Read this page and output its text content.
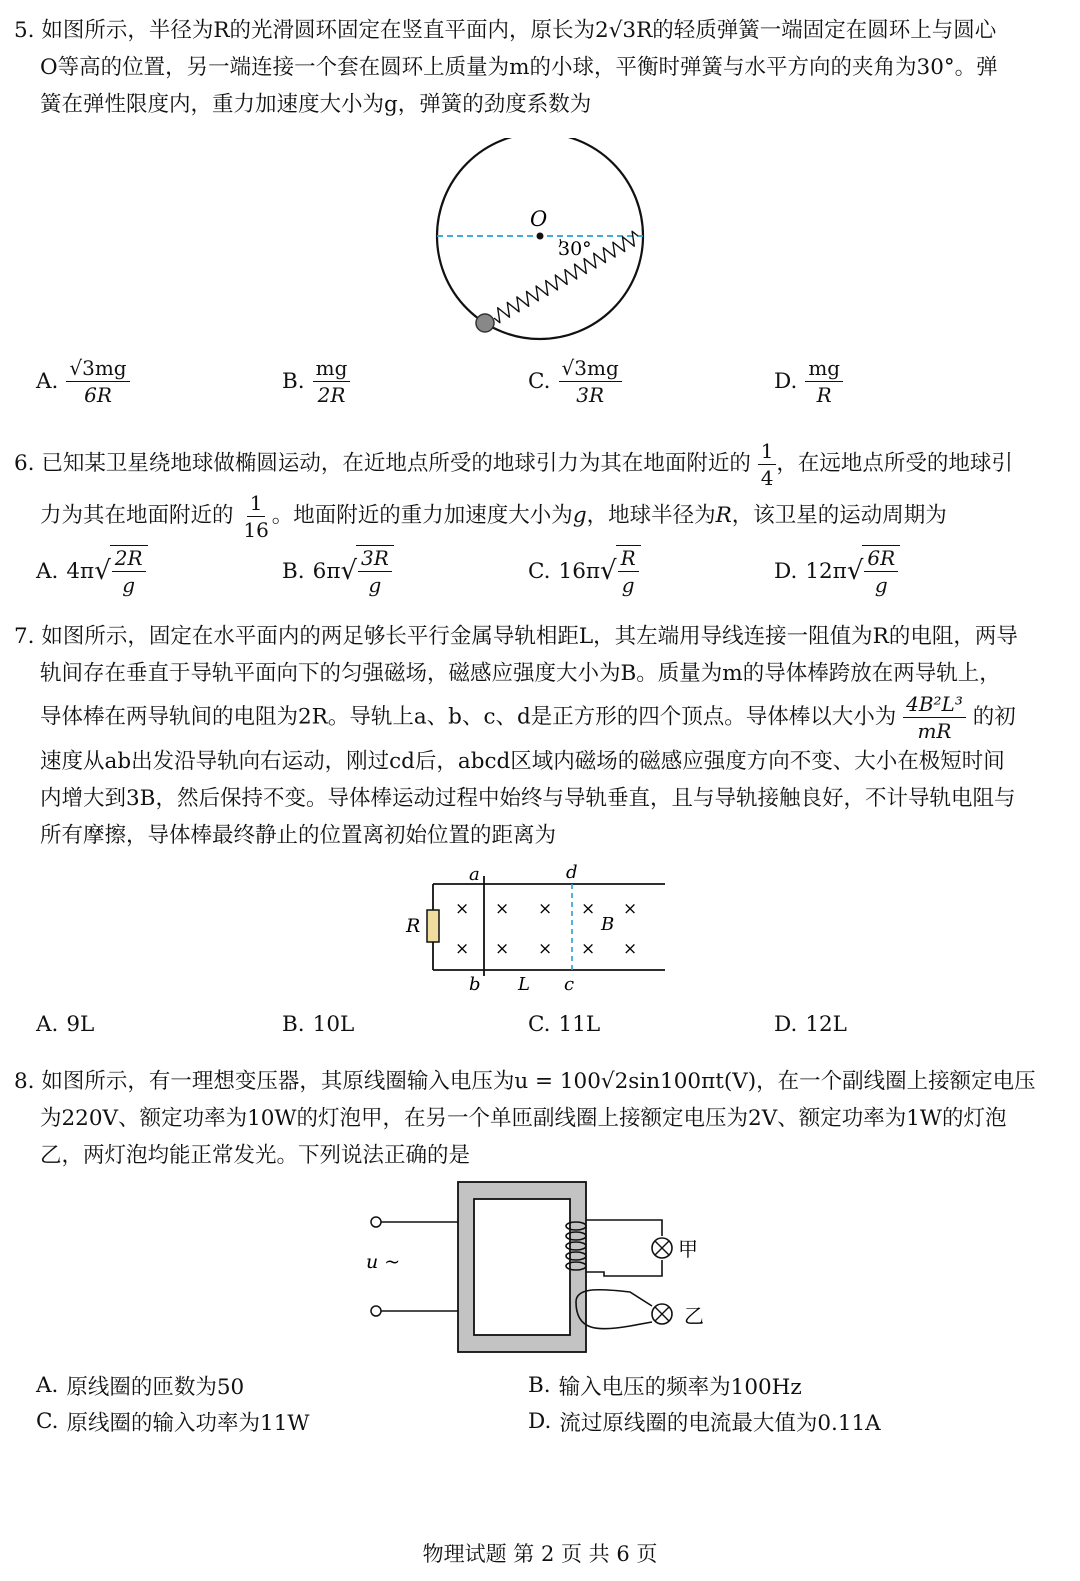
5. 如图所示，半径为R的光滑圆环固定在竖直平面内，原长为2√3R的轻质弹簧一端固定在圆环上与圆心

O等高的位置，另一端连接一个套在圆环上质量为m的小球，平衡时弹簧与水平方向的夹角为30°。弹
簧在弹性限度内，重力加速度大小为g，弹簧的劲度系数为

O
30°
A. $\frac{√3mg}{6R}$	B. $\frac{mg}{2R}$	C. $\frac{√3mg}{3R}$	D. $\frac{mg}{R}$
6. 已知某卫星绕地球做椭圆运动，在近地点所受的地球引力为其在地面附近的 $\frac{1}{4}$ ，在远地点所受的地球引

力为其在地面附近的 $\frac{1}{16}$ 。地面附近的重力加速度大小为g，地球半径为R，该卫星的运动周期为
A. 4π √ $\frac{2R}{g}$	B. 6π √ $\frac{3R}{g}$	C. 16π √ $\frac{R}{g}$	D. 12π √ $\frac{6R}{g}$
7. 如图所示，固定在水平面内的两足够长平行金属导轨相距L，其左端用导线连接一阻值为R的电阻，两导

轨间存在垂直于导轨平面向下的匀强磁场，磁感应强度大小为B。质量为m的导体棒跨放在两导轨上，
导体棒在两导轨间的电阻为2R。导轨上a、b、c、d是正方形的四个顶点。导体棒以大小为 $\frac{\text{4B²L³}}{mR}$ 的初
速度从ab出发沿导轨向右运动，刚过cd后，abcd区域内磁场的磁感应强度方向不变、大小在极短时间
内增大到3B，然后保持不变。导体棒运动过程中始终与导轨垂直，且与导轨接触良好，不计导轨电阻与
所有摩擦，导体棒最终静止的位置离初始位置的距离为
R
a	d
b L c
B
× × × × ×
× × × × ×
A. 9L	B. 10L	C. 11L	D. 12L

8. 如图所示，有一理想变压器，其原线圈输入电压为u = 100√2sin100πt(V)，在一个副线圈上接额定电压

为220V、额定功率为10W的灯泡甲，在另一个单匝副线圈上接额定电压为2V、额定功率为1W的灯泡
乙，两灯泡均能正常发光。下列说法正确的是

u ~
甲
乙
A. 原线圈的匝数为50	B. 输入电压的频率为100Hz
C. 原线圈的输入功率为11W	D. 流过原线圈的电流最大值为0.11A
物理试题 第 2 页 共 6 页
